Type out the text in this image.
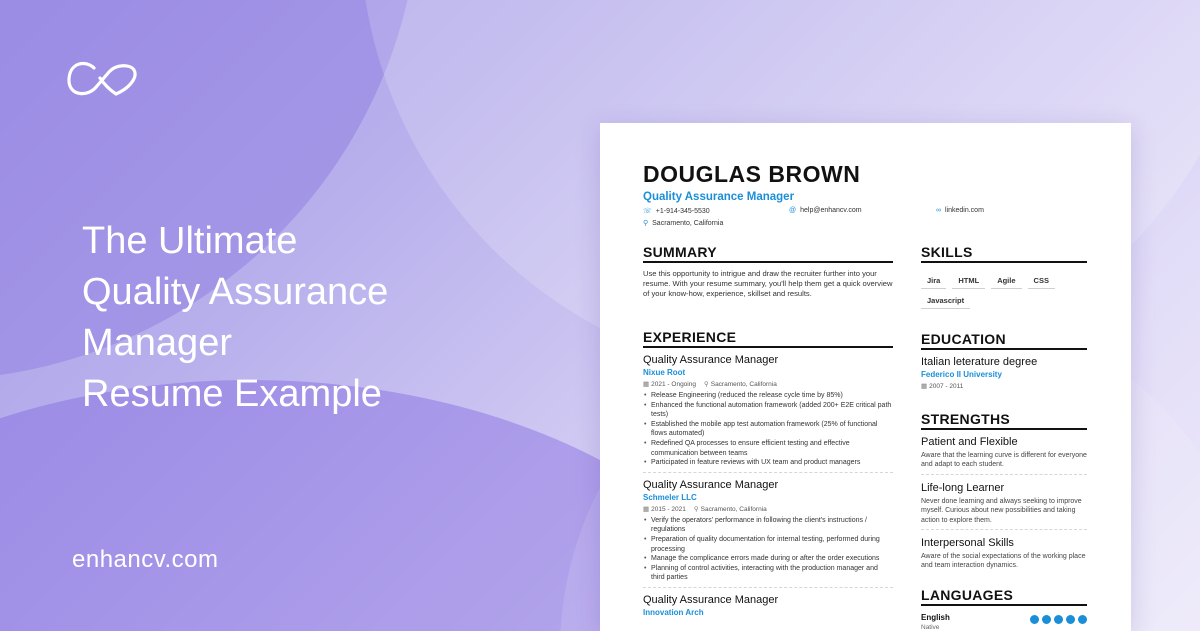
The Ultimate
Quality Assurance
Manager
Resume Example
enhancv.com
DOUGLAS BROWN
Quality Assurance Manager
☏ +1-914-345-5530	@ help@enhancv.com	∞ linkedin.com
⚲ Sacramento, California
SUMMARY
Use this opportunity to intrigue and draw the recruiter further into your resume. With your resume summary, you'll help them get a quick overview of your know-how, experience, skillset and results.
EXPERIENCE
Quality Assurance Manager
Nixue Root
▦ 2021 - Ongoing ⚲ Sacramento, California
• Release Engineering (reduced the release cycle time by 85%)
• Enhanced the functional automation framework (added 200+ E2E critical path tests)
• Established the mobile app test automation framework (25% of functional flows automated)
• Redefined QA processes to ensure efficient testing and effective communication between teams
• Participated in feature reviews with UX team and product managers
Quality Assurance Manager
Schmeler LLC
▦ 2015 - 2021 ⚲ Sacramento, California
• Verify the operators' performance in following the client's instructions / regulations
• Preparation of quality documentation for internal testing, performed during processing
• Manage the complicance errors made during or after the order executions
• Planning of control activities, interacting with the production manager and third parties
Quality Assurance Manager
Innovation Arch
SKILLS
Jira	HTML	Agile	CSS
Javascript
EDUCATION
Italian leterature degree
Federico II University
▦ 2007 - 2011
STRENGTHS
Patient and Flexible
Aware that the learning curve is different for everyone and adapt to each student.
Life-long Learner
Never done learning and always seeking to improve myself. Curious about new possibilities and taking action to explore them.
Interpersonal Skills
Aware of the social expectations of the working place and team interaction dynamics.
LANGUAGES
English
Native
